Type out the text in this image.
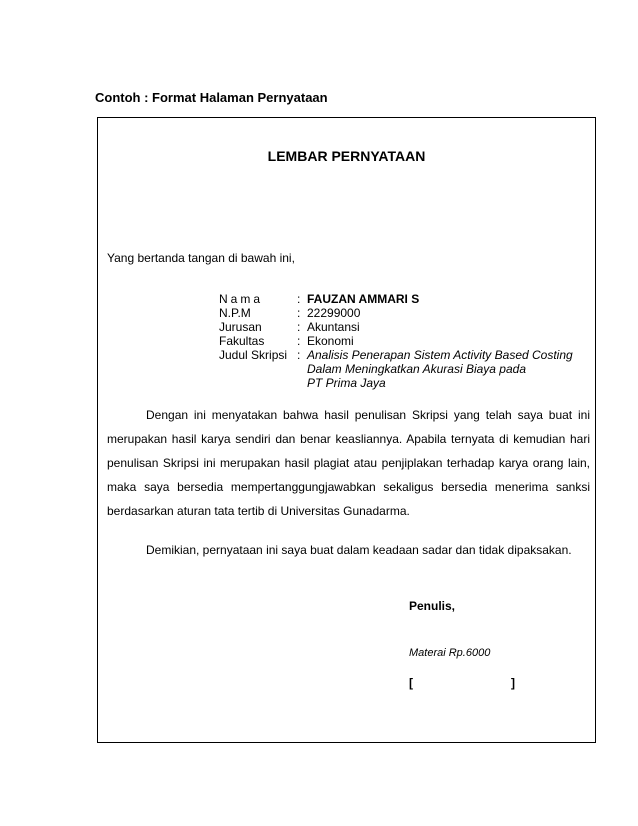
Contoh : Format Halaman Pernyataan
LEMBAR PERNYATAAN
Yang bertanda tangan di bawah ini,
Nama	: FAUZAN AMMARI S
N.P.M	: 22299000
Jurusan	: Akuntansi
Fakultas	: Ekonomi
Judul Skripsi : Analisis Penerapan Sistem Activity Based Costing
Dalam Meningkatkan Akurasi Biaya pada
PT Prima Jaya

Dengan ini menyatakan bahwa hasil penulisan Skripsi yang telah saya buat ini merupakan hasil karya sendiri dan benar keasliannya. Apabila ternyata di kemudian hari penulisan Skripsi ini merupakan hasil plagiat atau penjiplakan terhadap karya orang lain, maka saya bersedia mempertanggungjawabkan sekaligus bersedia menerima sanksi berdasarkan aturan tata tertib di Universitas Gunadarma.

Demikian, pernyataan ini saya buat dalam keadaan sadar dan tidak dipaksakan.
Penulis,
Materai Rp.6000
[	]
